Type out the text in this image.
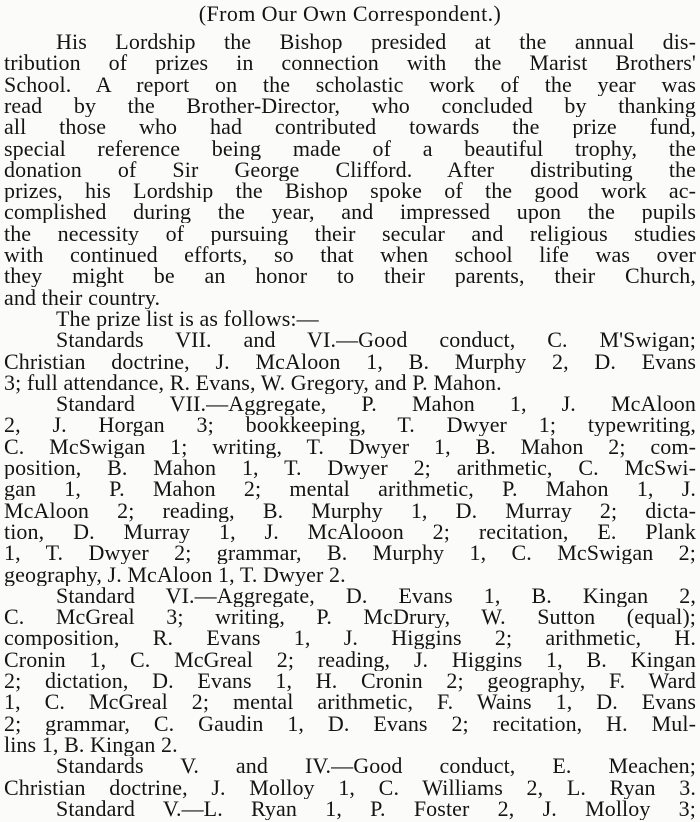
(From Our Own Correspondent.)
His Lordship the Bishop presided at the annual dis-
tribution of prizes in connection with the Marist Brothers'
School. A report on the scholastic work of the year was
read by the Brother-Director, who concluded by thanking
all those who had contributed towards the prize fund,
special reference being made of a beautiful trophy, the
donation of Sir George Clifford. After distributing the
prizes, his Lordship the Bishop spoke of the good work ac-
complished during the year, and impressed upon the pupils
the necessity of pursuing their secular and religious studies
with continued efforts, so that when school life was over
they might be an honor to their parents, their Church,
and their country.
The prize list is as follows:—
Standards VII. and VI.—Good conduct, C. M'Swigan;
Christian doctrine, J. McAloon 1, B. Murphy 2, D. Evans
3; full attendance, R. Evans, W. Gregory, and P. Mahon.
Standard VII.—Aggregate, P. Mahon 1, J. McAloon
2, J. Horgan 3; bookkeeping, T. Dwyer 1; typewriting,
C. McSwigan 1; writing, T. Dwyer 1, B. Mahon 2; com-
position, B. Mahon 1, T. Dwyer 2; arithmetic, C. McSwi-
gan 1, P. Mahon 2; mental arithmetic, P. Mahon 1, J.
McAloon 2; reading, B. Murphy 1, D. Murray 2; dicta-
tion, D. Murray 1, J. McAlooon 2; recitation, E. Plank
1, T. Dwyer 2; grammar, B. Murphy 1, C. McSwigan 2;
geography, J. McAloon 1, T. Dwyer 2.
Standard VI.—Aggregate, D. Evans 1, B. Kingan 2,
C. McGreal 3; writing, P. McDrury, W. Sutton (equal);
composition, R. Evans 1, J. Higgins 2; arithmetic, H.
Cronin 1, C. McGreal 2; reading, J. Higgins 1, B. Kingan
2; dictation, D. Evans 1, H. Cronin 2; geography, F. Ward
1, C. McGreal 2; mental arithmetic, F. Wains 1, D. Evans
2; grammar, C. Gaudin 1, D. Evans 2; recitation, H. Mul-
lins 1, B. Kingan 2.
Standards V. and IV.—Good conduct, E. Meachen;
Christian doctrine, J. Molloy 1, C. Williams 2, L. Ryan 3.
Standard V.—L. Ryan 1, P. Foster 2, J. Molloy 3;
